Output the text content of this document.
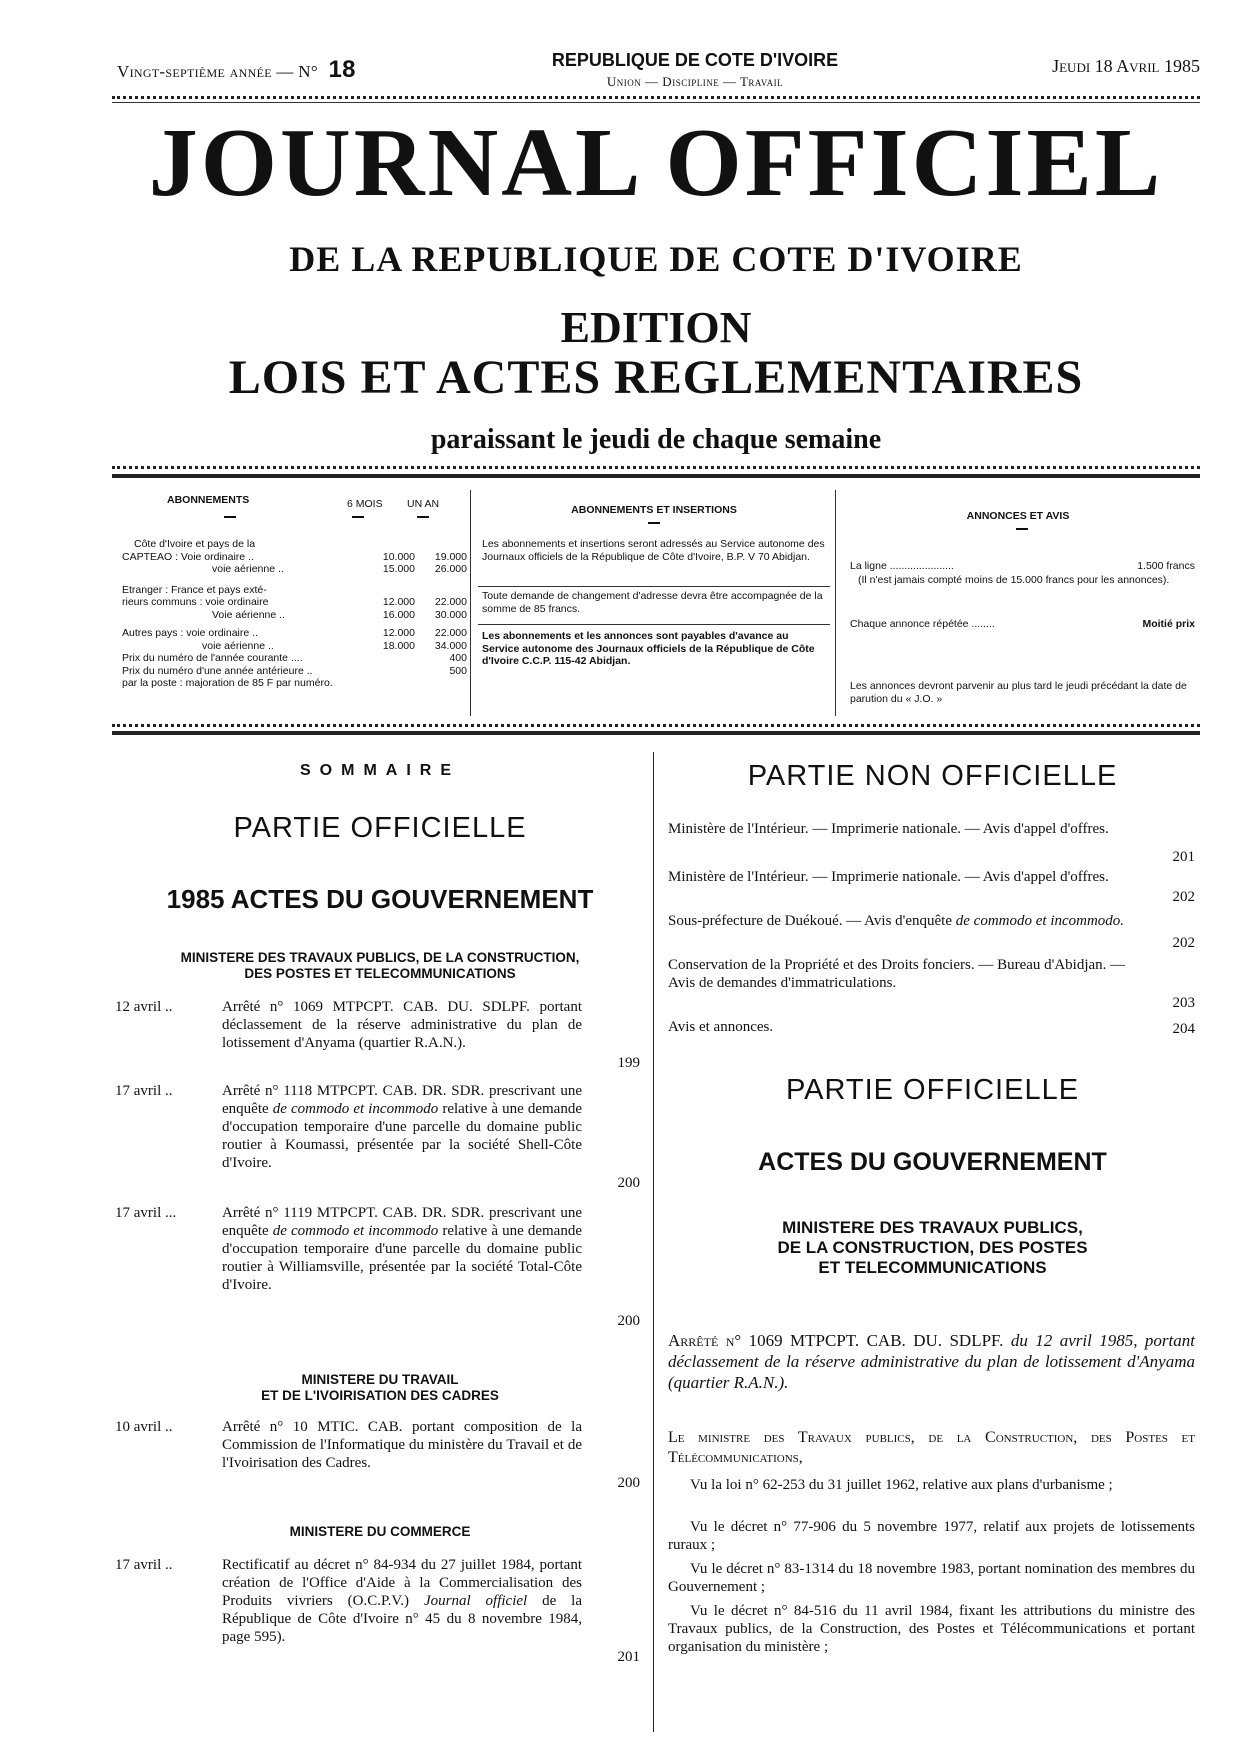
Vingt-septième année — N° 18	REPUBLIQUE DE COTE D'IVOIRE
Union — Discipline — Travail
Jeudi 18 Avril 1985
JOURNAL OFFICIEL
DE LA REPUBLIQUE DE COTE D'IVOIRE
EDITION
LOIS ET ACTES REGLEMENTAIRES
paraissant le jeudi de chaque semaine
ABONNEMENTS	6 MOIS UN AN
Côte d'Ivoire et pays de la
CAPTEAO : Voie ordinaire ..	10.000	19.000
voie aérienne ..	15.000	26.000
Etranger : France et pays exté-
rieurs communs : voie ordinaire	12.000	22.000
Voie aérienne ..	16.000	30.000
Autres pays : voie ordinaire ..	12.000	22.000
voie aérienne ..	18.000	34.000
Prix du numéro de l'année courante ....	400
Prix du numéro d'une année antérieure ..	500
par la poste : majoration de 85 F par numéro.
ABONNEMENTS ET INSERTIONS
Les abonnements et insertions seront adressés au Service autonome des Journaux officiels de la République de Côte d'Ivoire, B.P. V 70 Abidjan.
Toute demande de changement d'adresse devra être accompagnée de la somme de 85 francs.
Les abonnements et les annonces sont payables d'avance au Service autonome des Journaux officiels de la République de Côte d'Ivoire C.C.P. 115-42 Abidjan.
ANNONCES ET AVIS
La ligne ......................	1.500 francs
(Il n'est jamais compté moins de 15.000 francs pour les annonces).
Chaque annonce répétée ........	Moitié prix
Les annonces devront parvenir au plus tard le jeudi précédant la date de parution du « J.O. »
SOMMAIRE
PARTIE OFFICIELLE
1985 ACTES DU GOUVERNEMENT
MINISTERE DES TRAVAUX PUBLICS, DE LA CONSTRUCTION,
DES POSTES ET TELECOMMUNICATIONS
12 avril ..	Arrêté n° 1069 MTPCPT. CAB. DU. SDLPF. portant déclassement de la réserve administrative du plan de lotissement d'Anyama (quartier R.A.N.).
199
17 avril ..	Arrêté n° 1118 MTPCPT. CAB. DR. SDR. prescrivant une enquête de commodo et incommodo relative à une demande d'occupation temporaire d'une parcelle du domaine public routier à Koumassi, présentée par la société Shell-Côte d'Ivoire.
200
17 avril ...	Arrêté n° 1119 MTPCPT. CAB. DR. SDR. prescrivant une enquête de commodo et incommodo relative à une demande d'occupation temporaire d'une parcelle du domaine public routier à Williamsville, présentée par la société Total-Côte d'Ivoire.
200
MINISTERE DU TRAVAIL
ET DE L'IVOIRISATION DES CADRES
10 avril ..	Arrêté n° 10 MTIC. CAB. portant composition de la Commission de l'Informatique du ministère du Travail et de l'Ivoirisation des Cadres.
200
MINISTERE DU COMMERCE
17 avril ..	Rectificatif au décret n° 84-934 du 27 juillet 1984, portant création de l'Office d'Aide à la Commercialisation des Produits vivriers (O.C.P.V.) Journal officiel de la République de Côte d'Ivoire n° 45 du 8 novembre 1984, page 595).
201
PARTIE NON OFFICIELLE
Ministère de l'Intérieur. — Imprimerie nationale. — Avis d'appel d'offres.
201
Ministère de l'Intérieur. — Imprimerie nationale. — Avis d'appel d'offres.
202
Sous-préfecture de Duékoué. — Avis d'enquête de commodo et incommodo.
202
Conservation de la Propriété et des Droits fonciers. — Bureau d'Abidjan. — Avis de demandes d'immatriculations.
203
Avis et annonces.	204
PARTIE OFFICIELLE
ACTES DU GOUVERNEMENT
MINISTERE DES TRAVAUX PUBLICS,
DE LA CONSTRUCTION, DES POSTES
ET TELECOMMUNICATIONS
Arrêté n° 1069 MTPCPT. CAB. DU. SDLPF. du 12 avril 1985, portant déclassement de la réserve administrative du plan de lotissement d'Anyama (quartier R.A.N.).
Le ministre des Travaux publics, de la Construction, des Postes et Télécommunications,
Vu la loi n° 62-253 du 31 juillet 1962, relative aux plans d'urbanisme ;
Vu le décret n° 77-906 du 5 novembre 1977, relatif aux projets de lotissements ruraux ;
Vu le décret n° 83-1314 du 18 novembre 1983, portant nomination des membres du Gouvernement ;
Vu le décret n° 84-516 du 11 avril 1984, fixant les attributions du ministre des Travaux publics, de la Construction, des Postes et Télécommunications et portant organisation du ministère ;
